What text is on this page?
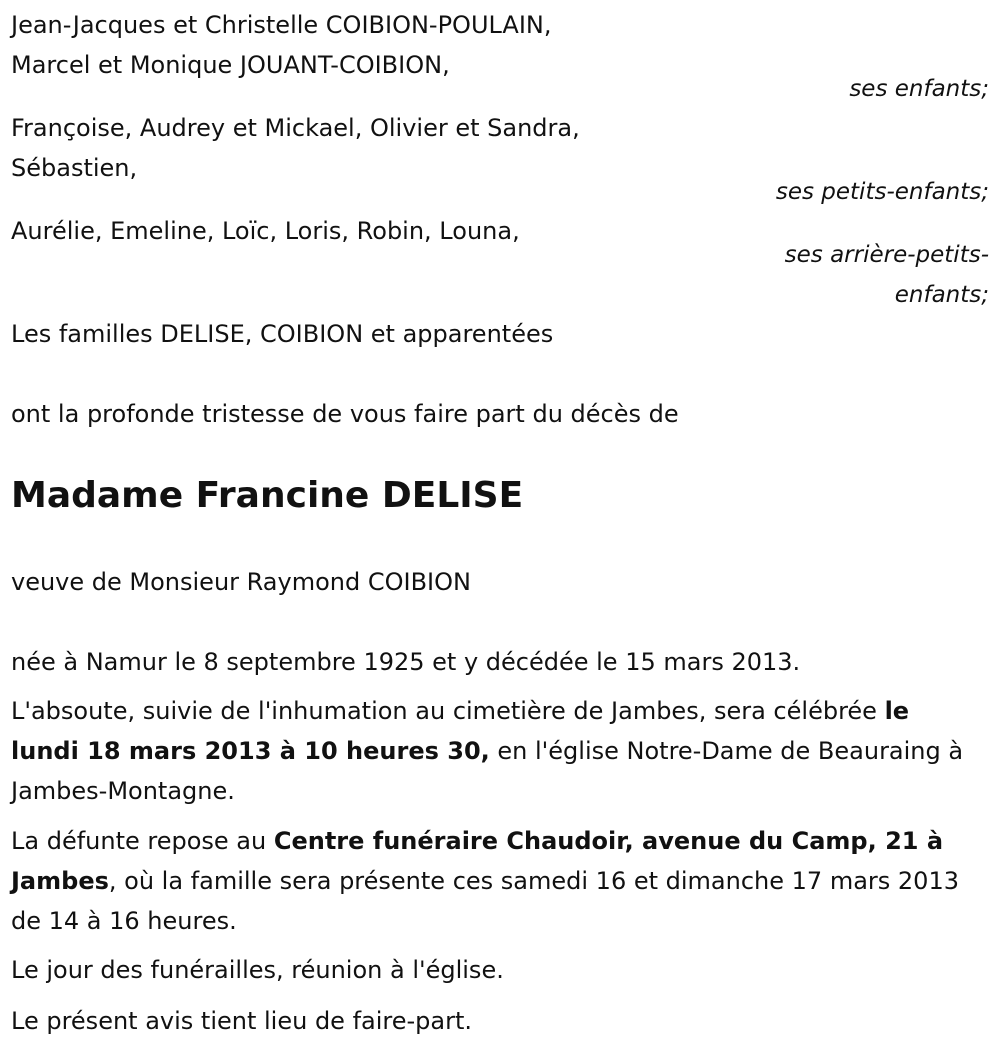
Jean-Jacques et Christelle COIBION-POULAIN,
Marcel et Monique JOUANT-COIBION,
ses enfants;
Françoise, Audrey et Mickael, Olivier et Sandra,
Sébastien,
ses petits-enfants;
Aurélie, Emeline, Loïc, Loris, Robin, Louna,
ses arrière-petits-
enfants;
Les familles DELISE, COIBION et apparentées
ont la profonde tristesse de vous faire part du décès de
Madame Francine DELISE
veuve de Monsieur Raymond COIBION
née à Namur le 8 septembre 1925 et y décédée le 15 mars 2013.
L'absoute, suivie de l'inhumation au cimetière de Jambes, sera célébrée le lundi 18 mars 2013 à 10 heures 30, en l'église Notre-Dame de Beauraing à Jambes-Montagne.
La défunte repose au Centre funéraire Chaudoir, avenue du Camp, 21 à Jambes, où la famille sera présente ces samedi 16 et dimanche 17 mars 2013 de 14 à 16 heures.
Le jour des funérailles, réunion à l'église.
Le présent avis tient lieu de faire-part.
